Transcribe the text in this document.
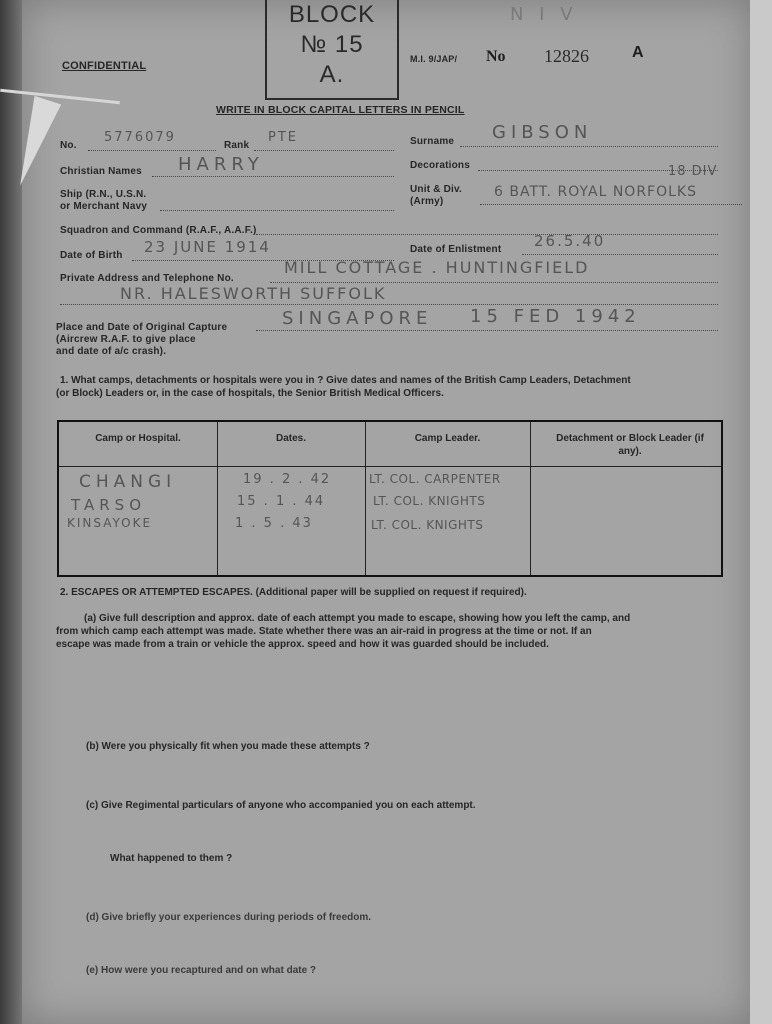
BLOCK
№ 15
A.
CONFIDENTIAL
M.I. 9/JAP/ No 12826	A
N I V
WRITE IN BLOCK CAPITAL LETTERS IN PENCIL
No.
5776079
Rank
PTE	Surname GIBSON
Christian Names HARRY	Decorations
Ship (R.N., U.S.N.
or Merchant Navy
Unit & Div.
(Army)
18 DIV
6 BATT. ROYAL NORFOLKS
Squadron and Command (R.A.F., A.A.F.)
Date of Birth 23 JUNE 1914	Date of Enlistment 26.5.40
Private Address and Telephone No.
MILL COTTAGE . HUNTINGFIELD
NR. HALESWORTH SUFFOLK
Place and Date of Original Capture
(Aircrew R.A.F. to give place
and date of a/c crash).
SINGAPORE 15 FED 1942
1. What camps, detachments or hospitals were you in ? Give dates and names of the British Camp Leaders, Detachment
(or Block) Leaders or, in the case of hospitals, the Senior British Medical Officers.
Camp or Hospital.	Dates.	Camp Leader.	Detachment or Block Leader (if any).
CHANGI	19 . 2 . 42	LT. COL. CARPENTER
TARSO	15 . 1 . 44	LT. COL. KNIGHTS
KINSAYOKE	1 . 5 . 43	LT. COL. KNIGHTS
2. ESCAPES OR ATTEMPTED ESCAPES. (Additional paper will be supplied on request if required).
(a) Give full description and approx. date of each attempt you made to escape, showing how you left the camp, and
from which camp each attempt was made. State whether there was an air-raid in progress at the time or not. If an
escape was made from a train or vehicle the approx. speed and how it was guarded should be included.
(b) Were you physically fit when you made these attempts ?
(c) Give Regimental particulars of anyone who accompanied you on each attempt.
What happened to them ?
(d) Give briefly your experiences during periods of freedom.
(e) How were you recaptured and on what date ?
